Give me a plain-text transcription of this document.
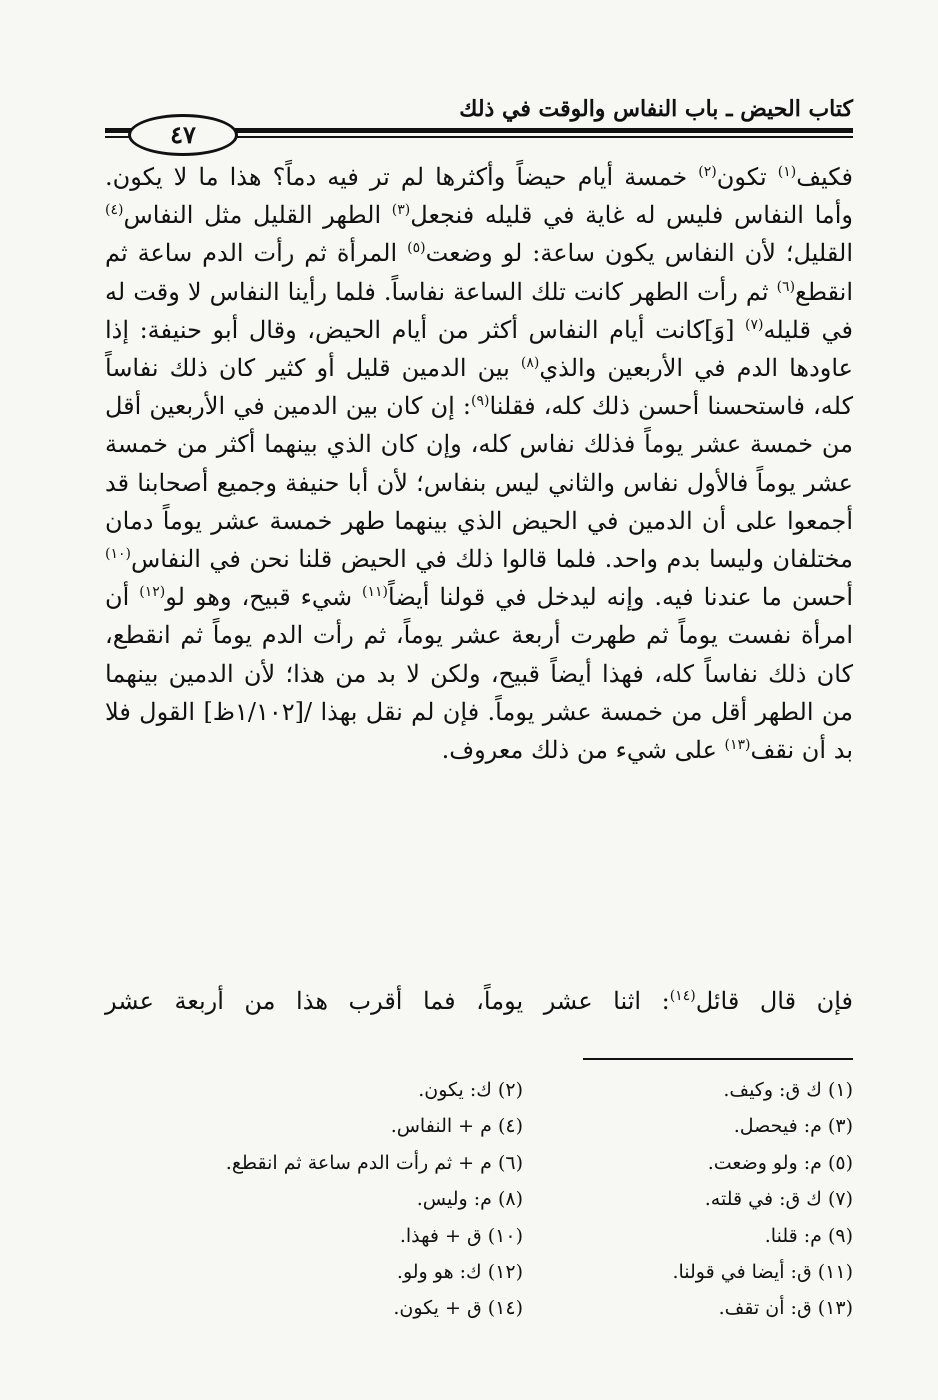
كتاب الحيض ـ باب النفاس والوقت في ذلك
٤٧

فكيف$^{(١)}$ تكون$^{(٢)}$ خمسة أيام حيضاً وأكثرها لم تر فيه دماً؟ هذا ما لا يكون. وأما النفاس فليس له غاية في قليله فنجعل$^{(٣)}$ الطهر القليل مثل النفاس$^{(٤)}$ القليل؛ لأن النفاس يكون ساعة: لو وضعت$^{(٥)}$ المرأة ثم رأت الدم ساعة ثم انقطع$^{(٦)}$ ثم رأت الطهر كانت تلك الساعة نفاساً. فلما رأينا النفاس لا وقت له في قليله$^{(٧)}$ [وَ]كانت أيام النفاس أكثر من أيام الحيض، وقال أبو حنيفة: إذا عاودها الدم في الأربعين والذي$^{(٨)}$ بين الدمين قليل أو كثير كان ذلك نفاساً كله، فاستحسنا أحسن ذلك كله، فقلنا$^{(٩)}$: إن كان بين الدمين في الأربعين أقل من خمسة عشر يوماً فذلك نفاس كله، وإن كان الذي بينهما أكثر من خمسة عشر يوماً فالأول نفاس والثاني ليس بنفاس؛ لأن أبا حنيفة وجميع أصحابنا قد أجمعوا على أن الدمين في الحيض الذي بينهما طهر خمسة عشر يوماً دمان مختلفان وليسا بدم واحد. فلما قالوا ذلك في الحيض قلنا نحن في النفاس$^{(١٠)}$ أحسن ما عندنا فيه. وإنه ليدخل في قولنا أيضاً$^{(١١)}$ شيء قبيح، وهو لو$^{(١٢)}$ أن امرأة نفست يوماً ثم طهرت أربعة عشر يوماً، ثم رأت الدم يوماً ثم انقطع، كان ذلك نفاساً كله، فهذا أيضاً قبيح، ولكن لا بد من هذا؛ لأن الدمين بينهما من الطهر أقل من خمسة عشر يوماً. فإن لم نقل بهذا /[١/١٠٢ظ] القول فلا بد أن نقف$^{(١٣)}$ على شيء من ذلك معروف.

فإن قال قائل$^{(١٤)}$: اثنا عشر يوماً، فما أقرب هذا من أربعة عشر
(١) ك ق: وكيف.
(٢) ك: يكون.
(٣) م: فيحصل.
(٤) م + النفاس.
(٥) م: ولو وضعت.
(٦) م + ثم رأت الدم ساعة ثم انقطع.
(٧) ك ق: في قلته.
(٨) م: وليس.
(٩) م: قلنا.
(١٠) ق + فهذا.
(١١) ق: أيضا في قولنا.
(١٢) ك: هو ولو.
(١٣) ق: أن تقف.
(١٤) ق + يكون.
